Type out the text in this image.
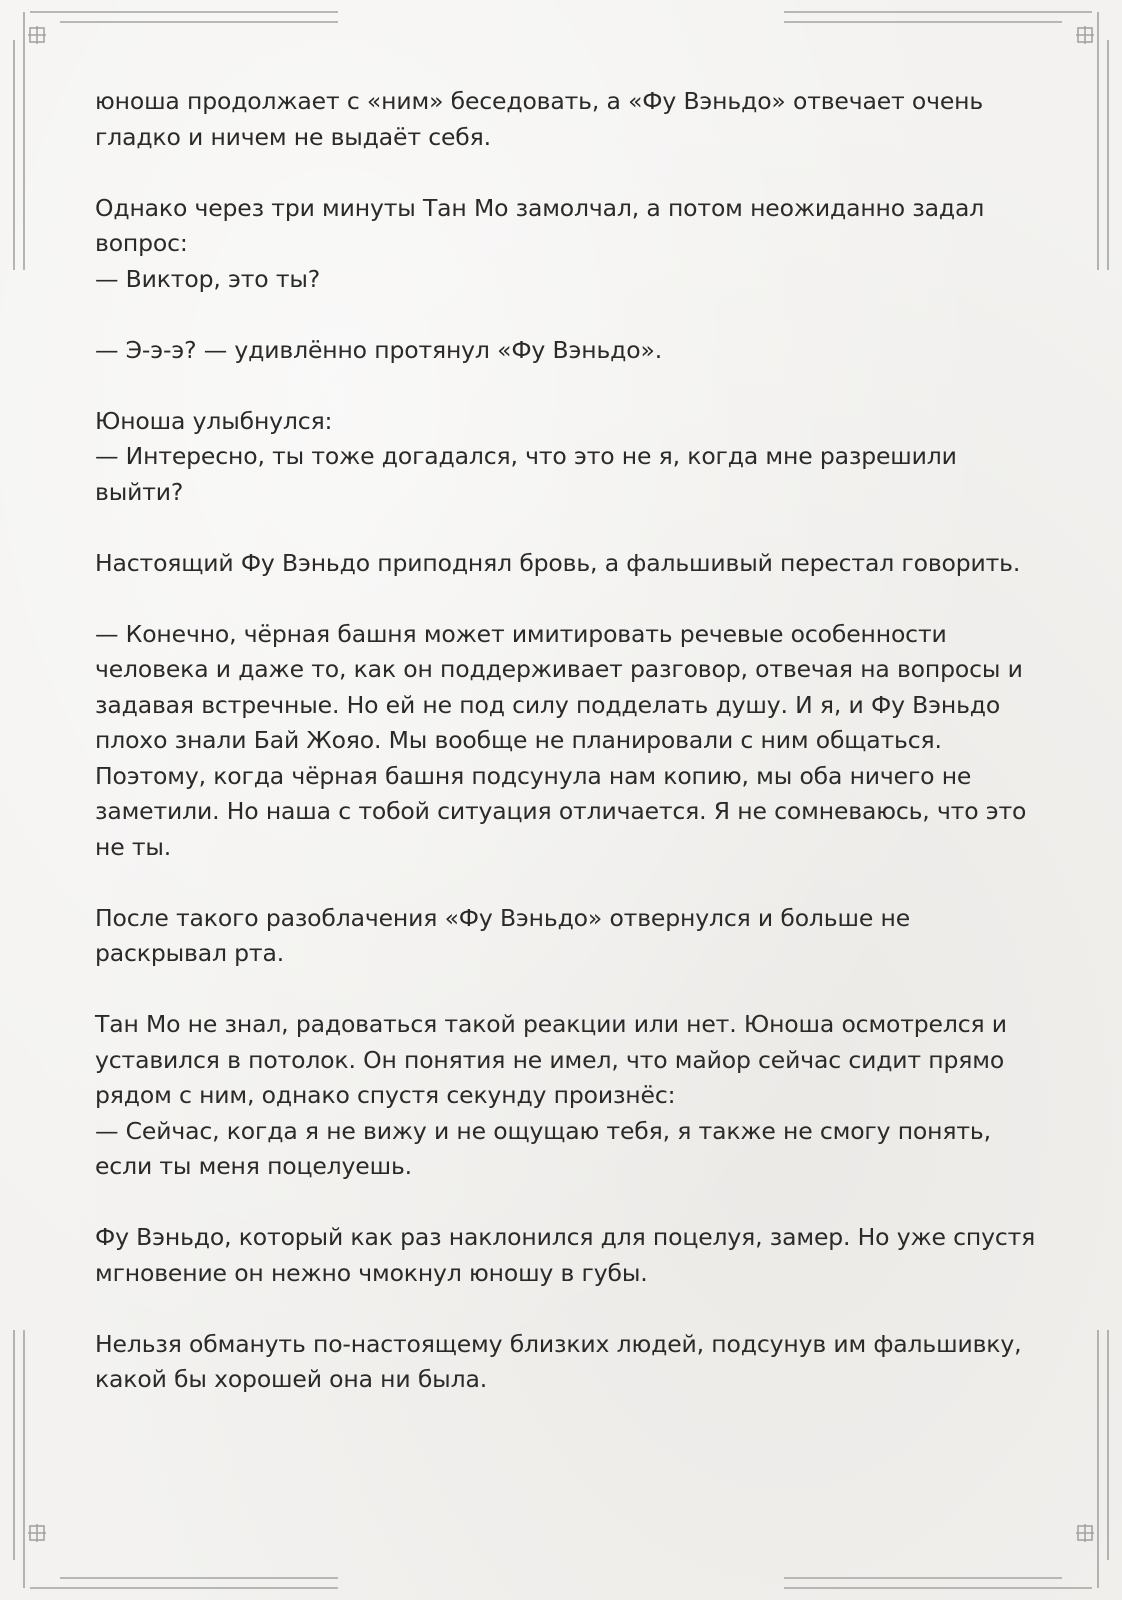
юноша продолжает с «ним» беседовать, а «Фу Вэньдо» отвечает очень
гладко и ничем не выдаёт себя.

Однако через три минуты Тан Мо замолчал, а потом неожиданно задал
вопрос:
— Виктор, это ты?

— Э-э-э? — удивлённо протянул «Фу Вэньдо».

Юноша улыбнулся:
— Интересно, ты тоже догадался, что это не я, когда мне разрешили
выйти?

Настоящий Фу Вэньдо приподнял бровь, а фальшивый перестал говорить.

— Конечно, чёрная башня может имитировать речевые особенности
человека и даже то, как он поддерживает разговор, отвечая на вопросы и
задавая встречные. Но ей не под силу подделать душу. И я, и Фу Вэньдо
плохо знали Бай Жояо. Мы вообще не планировали с ним общаться.
Поэтому, когда чёрная башня подсунула нам копию, мы оба ничего не
заметили. Но наша с тобой ситуация отличается. Я не сомневаюсь, что это
не ты.

После такого разоблачения «Фу Вэньдо» отвернулся и больше не
раскрывал рта.

Тан Мо не знал, радоваться такой реакции или нет. Юноша осмотрелся и
уставился в потолок. Он понятия не имел, что майор сейчас сидит прямо
рядом с ним, однако спустя секунду произнёс:
— Сейчас, когда я не вижу и не ощущаю тебя, я также не смогу понять,
если ты меня поцелуешь.

Фу Вэньдо, который как раз наклонился для поцелуя, замер. Но уже спустя
мгновение он нежно чмокнул юношу в губы.

Нельзя обмануть по-настоящему близких людей, подсунув им фальшивку,
какой бы хорошей она ни была.
